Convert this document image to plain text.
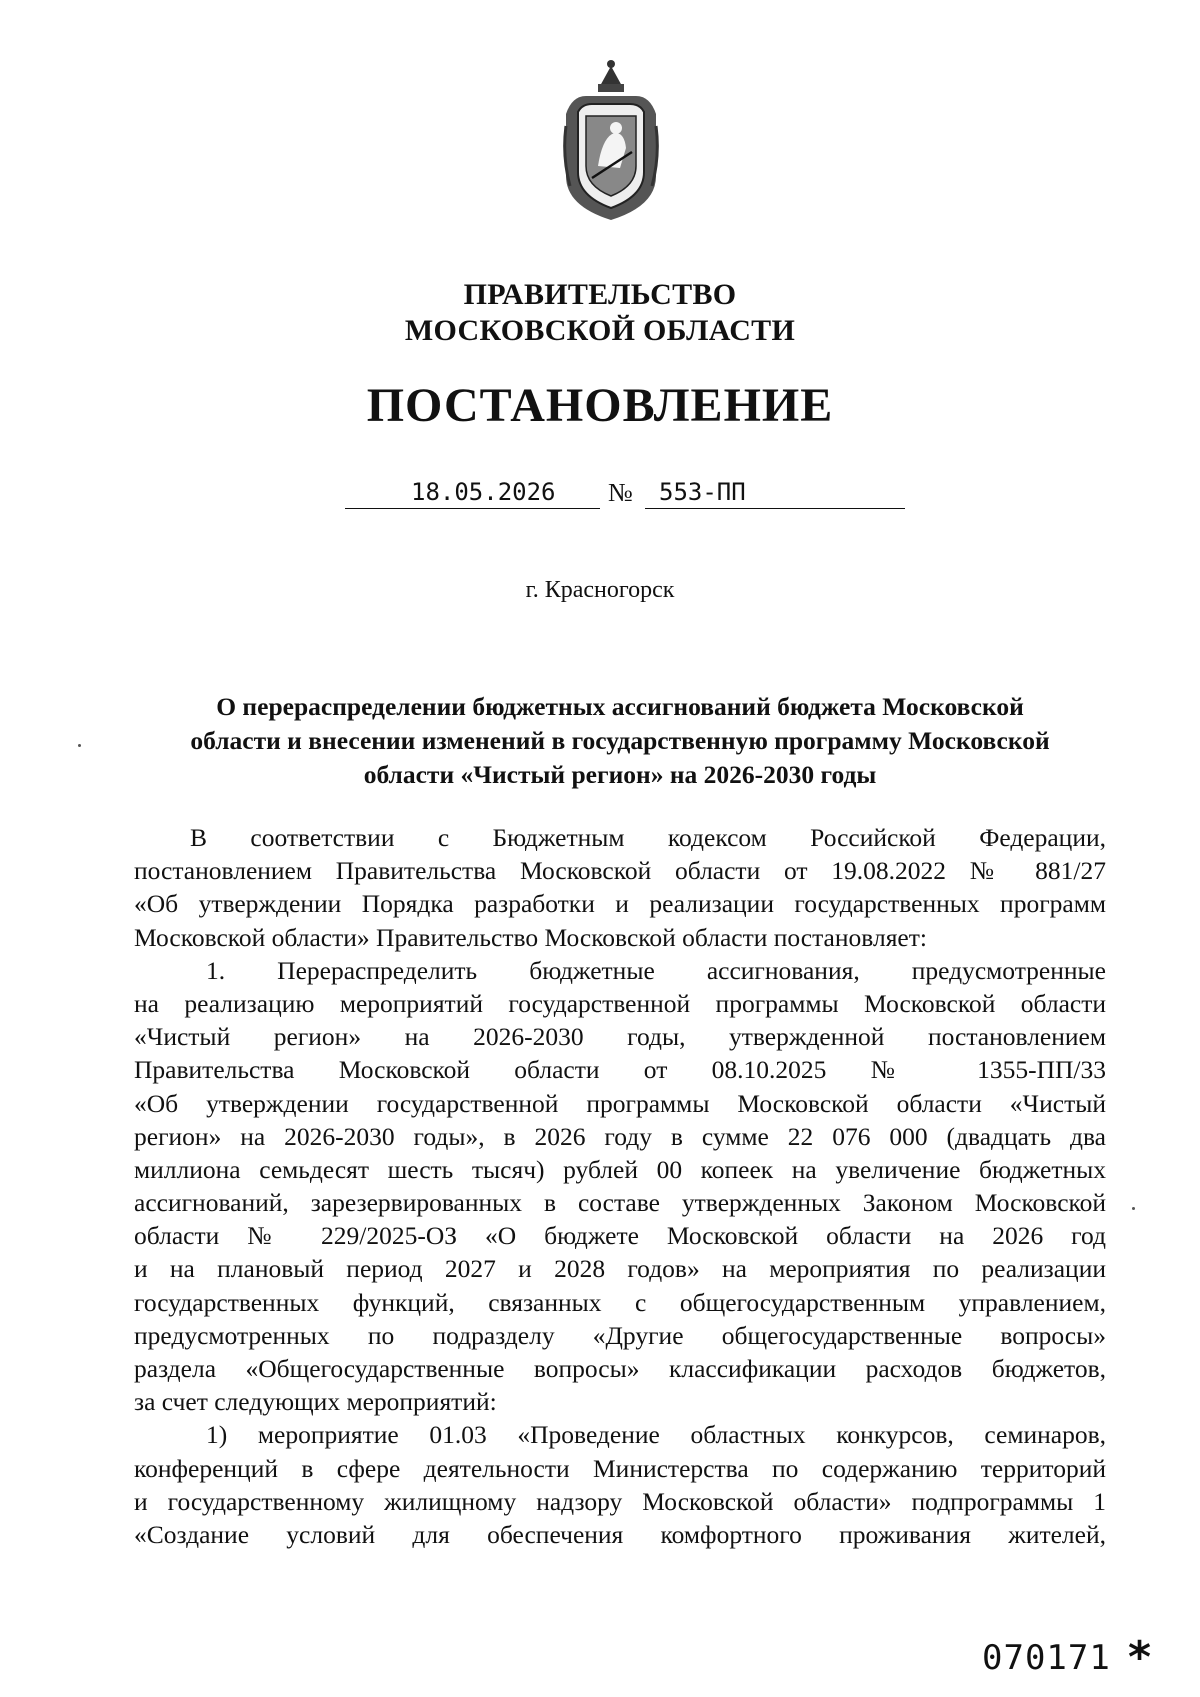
ПРАВИТЕЛЬСТВО
МОСКОВСКОЙ ОБЛАСТИ
ПОСТАНОВЛЕНИЕ
18.05.2026 № 553-ПП
г. Красногорск
О перераспределении бюджетных ассигнований бюджета Московской
области и внесении изменений в государственную программу Московской
области «Чистый регион» на 2026-2030 годы
В соответствии с Бюджетным кодексом Российской Федерации,
постановлением Правительства Московской области от 19.08.2022 № 881/27
«Об утверждении Порядка разработки и реализации государственных программ
Московской области» Правительство Московской области постановляет:
1. Перераспределить бюджетные ассигнования, предусмотренные
на реализацию мероприятий государственной программы Московской области
«Чистый регион» на 2026-2030 годы, утвержденной постановлением
Правительства Московской области от 08.10.2025 № 1355-ПП/33
«Об утверждении государственной программы Московской области «Чистый
регион» на 2026-2030 годы», в 2026 году в сумме 22 076 000 (двадцать два
миллиона семьдесят шесть тысяч) рублей 00 копеек на увеличение бюджетных
ассигнований, зарезервированных в составе утвержденных Законом Московской
области № 229/2025-ОЗ «О бюджете Московской области на 2026 год
и на плановый период 2027 и 2028 годов» на мероприятия по реализации
государственных функций, связанных с общегосударственным управлением,
предусмотренных по подразделу «Другие общегосударственные вопросы»
раздела «Общегосударственные вопросы» классификации расходов бюджетов,
за счет следующих мероприятий:
1) мероприятие 01.03 «Проведение областных конкурсов, семинаров,
конференций в сфере деятельности Министерства по содержанию территорий
и государственному жилищному надзору Московской области» подпрограммы 1
«Создание условий для обеспечения комфортного проживания жителей,
070171 *
